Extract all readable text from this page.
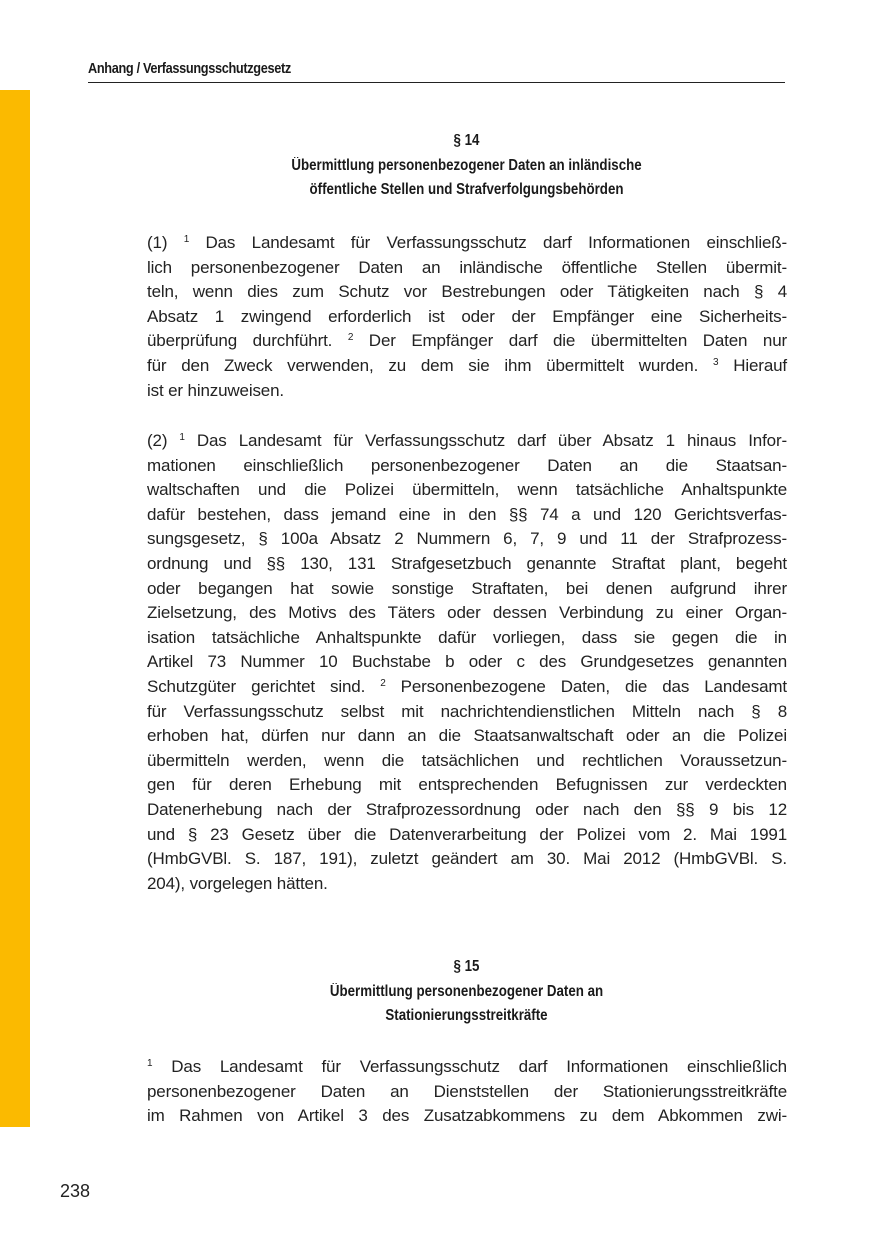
Anhang / Verfassungsschutzgesetz
§ 14
Übermittlung personenbezogener Daten an inländische
öffentliche Stellen und Strafverfolgungsbehörden
(1) $^1$ Das Landesamt für Verfassungsschutz darf Informationen einschließ-
lich personenbezogener Daten an inländische öffentliche Stellen übermit-
teln, wenn dies zum Schutz vor Bestrebungen oder Tätigkeiten nach § 4
Absatz 1 zwingend erforderlich ist oder der Empfänger eine Sicherheits-
überprüfung durchführt. $^2$ Der Empfänger darf die übermittelten Daten nur
für den Zweck verwenden, zu dem sie ihm übermittelt wurden. $^3$ Hierauf
ist er hinzuweisen.
(2) $^1$ Das Landesamt für Verfassungsschutz darf über Absatz 1 hinaus Infor-
mationen einschließlich personenbezogener Daten an die Staatsan-
waltschaften und die Polizei übermitteln, wenn tatsächliche Anhaltspunkte
dafür bestehen, dass jemand eine in den §§ 74 a und 120 Gerichtsverfas-
sungsgesetz, § 100a Absatz 2 Nummern 6, 7, 9 und 11 der Strafprozess-
ordnung und §§ 130, 131 Strafgesetzbuch genannte Straftat plant, begeht
oder begangen hat sowie sonstige Straftaten, bei denen aufgrund ihrer
Zielsetzung, des Motivs des Täters oder dessen Verbindung zu einer Organ-
isation tatsächliche Anhaltspunkte dafür vorliegen, dass sie gegen die in
Artikel 73 Nummer 10 Buchstabe b oder c des Grundgesetzes genannten
Schutzgüter gerichtet sind. $^2$ Personenbezogene Daten, die das Landesamt
für Verfassungsschutz selbst mit nachrichtendienstlichen Mitteln nach § 8
erhoben hat, dürfen nur dann an die Staatsanwaltschaft oder an die Polizei
übermitteln werden, wenn die tatsächlichen und rechtlichen Voraussetzun-
gen für deren Erhebung mit entsprechenden Befugnissen zur verdeckten
Datenerhebung nach der Strafprozessordnung oder nach den §§ 9 bis 12
und § 23 Gesetz über die Datenverarbeitung der Polizei vom 2. Mai 1991
(HmbGVBl. S. 187, 191), zuletzt geändert am 30. Mai 2012 (HmbGVBl. S.
204), vorgelegen hätten.
§ 15
Übermittlung personenbezogener Daten an
Stationierungsstreitkräfte
$^1$ Das Landesamt für Verfassungsschutz darf Informationen einschließlich
personenbezogener Daten an Dienststellen der Stationierungsstreitkräfte
im Rahmen von Artikel 3 des Zusatzabkommens zu dem Abkommen zwi-
238
